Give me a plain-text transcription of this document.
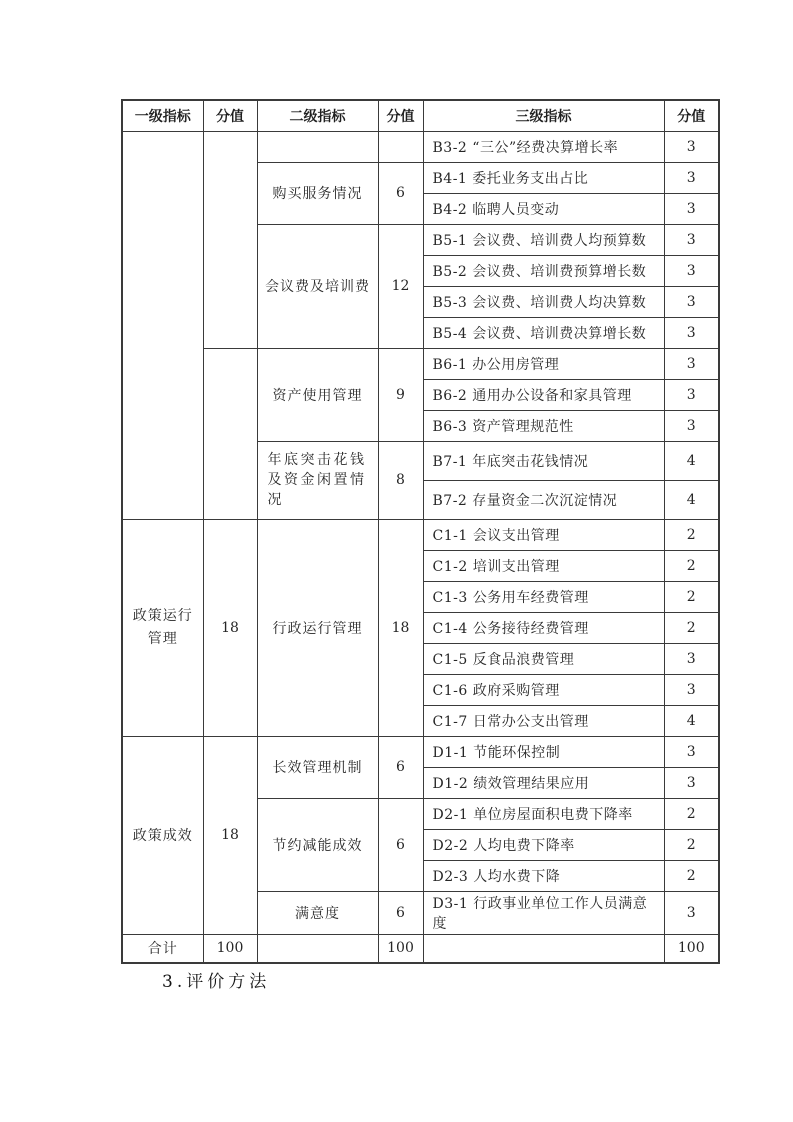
一级指标	分值	二级指标	分值	三级指标	分值
				B3-2 “三公”经费决算增长率	3
		购买服务情况	6	B4-1 委托业务支出占比	3
				B4-2 临聘人员变动	3
		会议费及培训费	12	B5-1 会议费、培训费人均预算数	3
				B5-2 会议费、培训费预算增长数	3
				B5-3 会议费、培训费人均决算数	3
				B5-4 会议费、培训费决算增长数	3
		资产使用管理	9	B6-1 办公用房管理	3
				B6-2 通用办公设备和家具管理	3
				B6-3 资产管理规范性	3
		年底突击花钱及资金闲置情况	8	B7-1 年底突击花钱情况	4
				B7-2 存量资金二次沉淀情况	4
政策运行管理	18	行政运行管理	18	C1-1 会议支出管理	2
				C1-2 培训支出管理	2
				C1-3 公务用车经费管理	2
				C1-4 公务接待经费管理	2
				C1-5 反食品浪费管理	3
				C1-6 政府采购管理	3
				C1-7 日常办公支出管理	4
政策成效	18	长效管理机制	6	D1-1 节能环保控制	3
				D1-2 绩效管理结果应用	3
		节约减能成效	6	D2-1 单位房屋面积电费下降率	2
				D2-2 人均电费下降率	2
				D2-3 人均水费下降	2
		满意度	6	D3-1 行政事业单位工作人员满意度	3
合计	100		100		100
3.评价方法
